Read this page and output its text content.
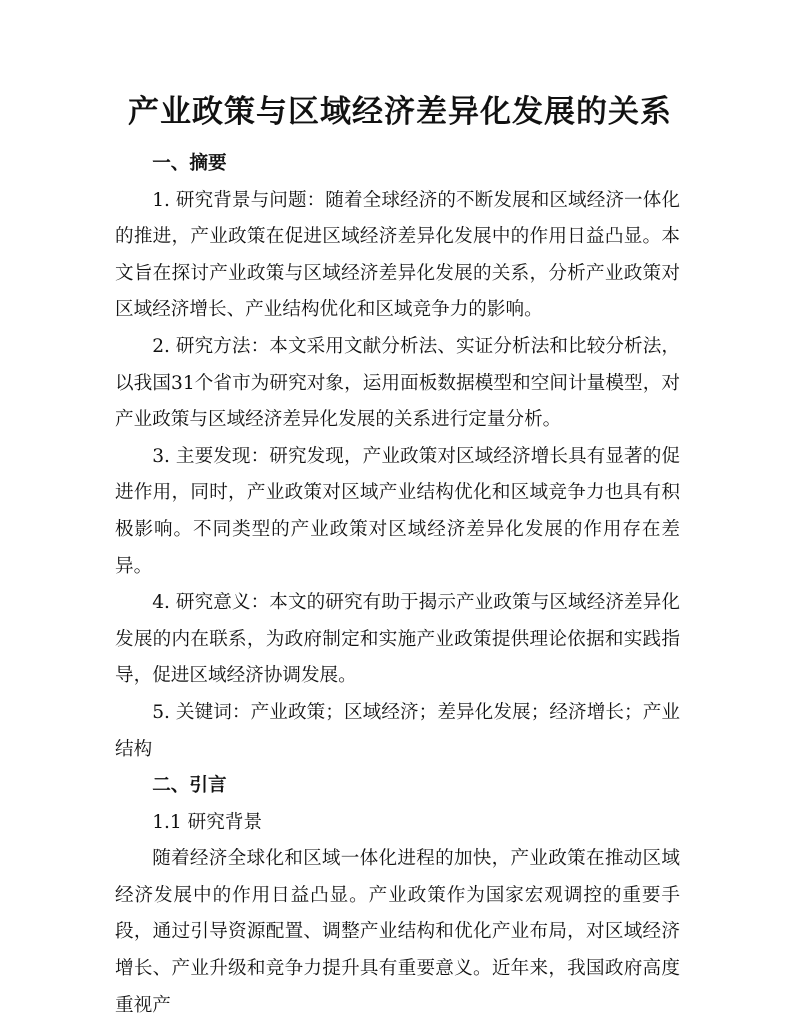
产业政策与区域经济差异化发展的关系

一、摘要

1. 研究背景与问题：随着全球经济的不断发展和区域经济一体化的推进，产业政策在促进区域经济差异化发展中的作用日益凸显。本文旨在探讨产业政策与区域经济差异化发展的关系，分析产业政策对区域经济增长、产业结构优化和区域竞争力的影响。

2. 研究方法：本文采用文献分析法、实证分析法和比较分析法，以我国31个省市为研究对象，运用面板数据模型和空间计量模型，对产业政策与区域经济差异化发展的关系进行定量分析。

3. 主要发现：研究发现，产业政策对区域经济增长具有显著的促进作用，同时，产业政策对区域产业结构优化和区域竞争力也具有积极影响。不同类型的产业政策对区域经济差异化发展的作用存在差异。

4. 研究意义：本文的研究有助于揭示产业政策与区域经济差异化发展的内在联系，为政府制定和实施产业政策提供理论依据和实践指导，促进区域经济协调发展。

5. 关键词：产业政策；区域经济；差异化发展；经济增长；产业结构

二、引言

1.1 研究背景

随着经济全球化和区域一体化进程的加快，产业政策在推动区域经济发展中的作用日益凸显。产业政策作为国家宏观调控的重要手段，通过引导资源配置、调整产业结构和优化产业布局，对区域经济增长、产业升级和竞争力提升具有重要意义。近年来，我国政府高度重视产
